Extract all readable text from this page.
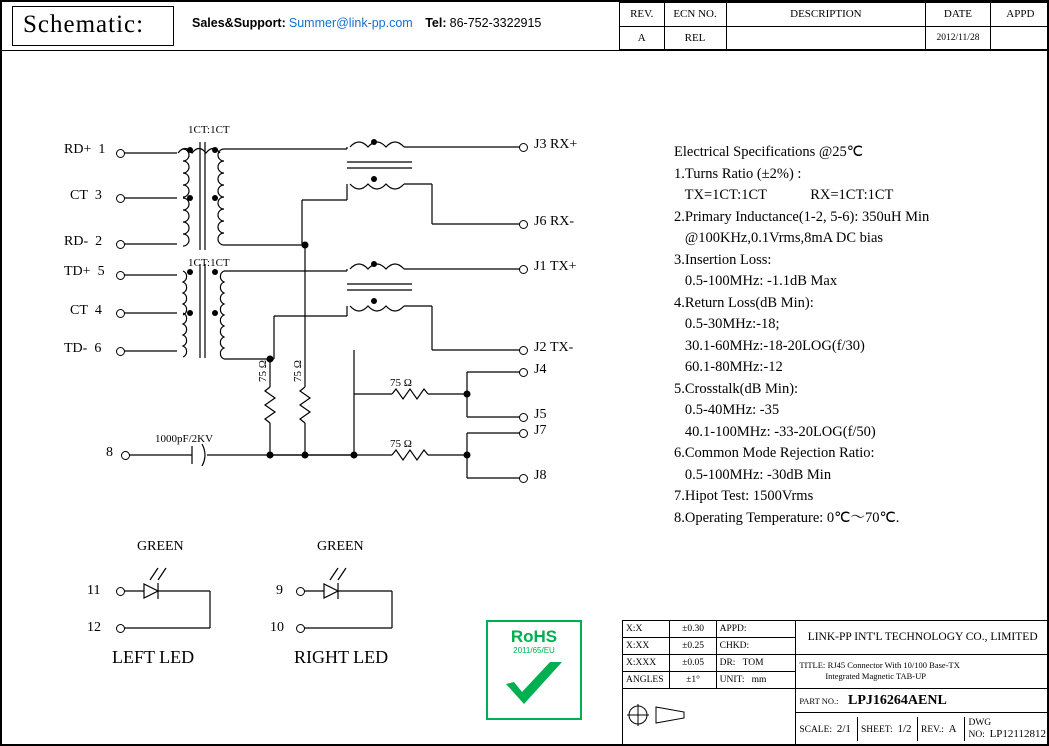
Schematic:	Sales&Support: Summer@link-pp.com Tel: 86-752-3322915
REV.	ECN NO.	DESCRIPTION	DATE	APPD
A	REL		2012/11/28	
RD+ 1
CT 3
RD- 2
TD+ 5
CT 4
TD- 6
8
J3 RX+
J6 RX-
J1 TX+
J2 TX-
J4
J5
J7
J8
1CT:1CT
1CT:1CT
75 Ω 75 Ω
75 Ω
75 Ω
1000pF/2KV
GREEN	GREEN
11
12
9
10
LEFT LED	RIGHT LED
Electrical Specifications @25℃
1.Turns Ratio (±2%) :
TX=1CT:1CT            RX=1CT:1CT
2.Primary Inductance(1-2, 5-6): 350uH Min
@100KHz,0.1Vrms,8mA DC bias
3.Insertion Loss:
0.5-100MHz: -1.1dB Max
4.Return Loss(dB Min):
0.5-30MHz:-18;
30.1-60MHz:-18-20LOG(f/30)
60.1-80MHz:-12
5.Crosstalk(dB Min):
0.5-40MHz: -35
40.1-100MHz: -33-20LOG(f/50)
6.Common Mode Rejection Ratio:
0.5-100MHz: -30dB Min
7.Hipot Test: 1500Vrms
8.Operating Temperature: 0℃～70℃.
RoHS
2011/65/EU
X:X	±0.30	APPD:	LINK-PP INT'L TECHNOLOGY CO., LIMITED
X:XX	±0.25	CHKD:
X:XXX	±0.05	DR: TOM	TITLE: RJ45 Connector With 10/100 Base-TX
Integrated Magnetic TAB-UP
ANGLES	±1°	UNIT: mm
	PART NO.: LPJ16264AENL

SCALE: 2/1	SHEET: 1/2	REV.: A	DWG NO: LP12112812
